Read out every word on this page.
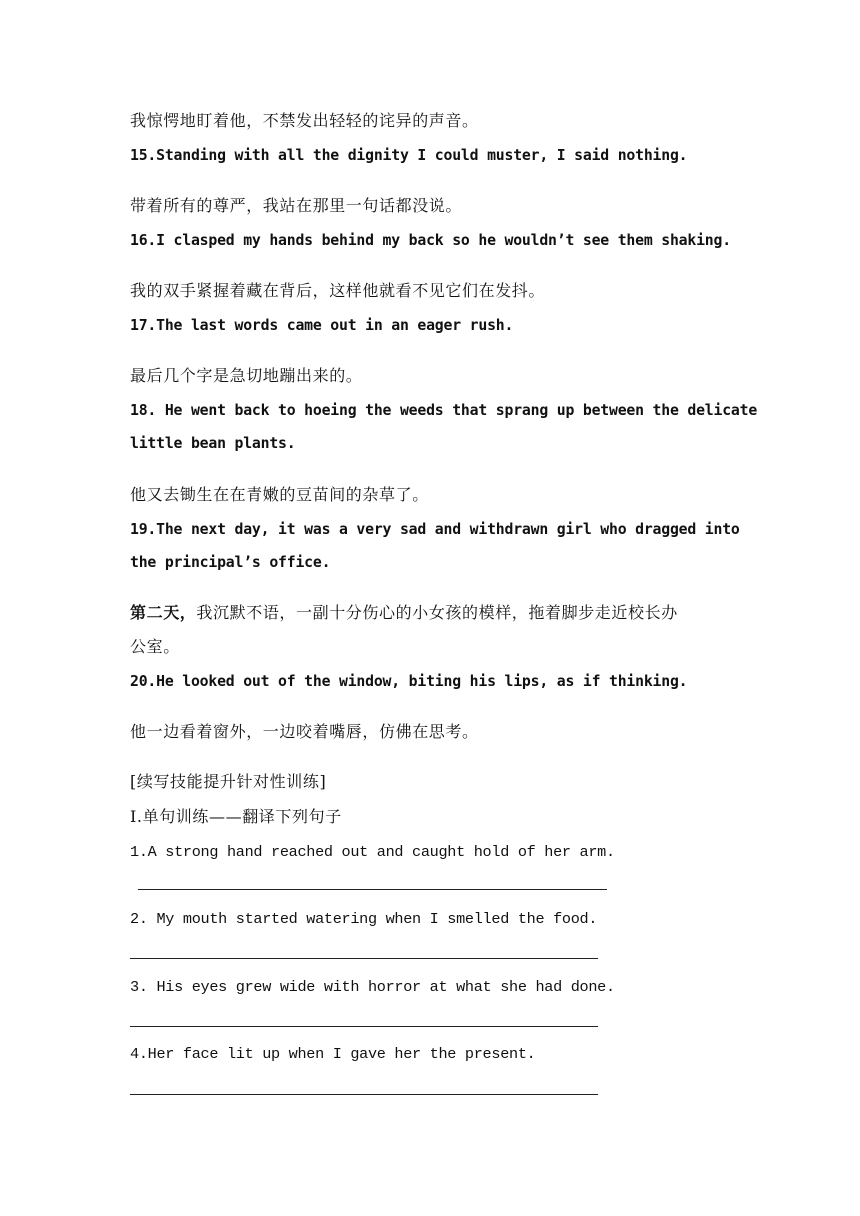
我惊愕地盯着他，不禁发出轻轻的诧异的声音。
15.Standing with all the dignity I could muster, I said nothing.
带着所有的尊严，我站在那里一句话都没说。
16.I clasped my hands behind my back so he wouldn’t see them shaking.
我的双手紧握着藏在背后，这样他就看不见它们在发抖。
17.The last words came out in an eager rush.
最后几个字是急切地蹦出来的。
18. He went back to hoeing the weeds that sprang up between the delicate
little bean plants.
他又去锄生在在青嫩的豆苗间的杂草了。
19.The next day, it was a very sad and withdrawn girl who dragged into
the principal’s office.
第二天，我沉默不语，一副十分伤心的小女孩的模样，拖着脚步走近校长办
公室。
20.He looked out of the window, biting his lips, as if thinking.
他一边看着窗外，一边咬着嘴唇，仿佛在思考。
[续写技能提升针对性训练]
I.单句训练——翻译下列句子
1.A strong hand reached out and caught hold of her arm.
2. My mouth started watering when I smelled the food.
3. His eyes grew wide with horror at what she had done.
4.Her face lit up when I gave her the present.
